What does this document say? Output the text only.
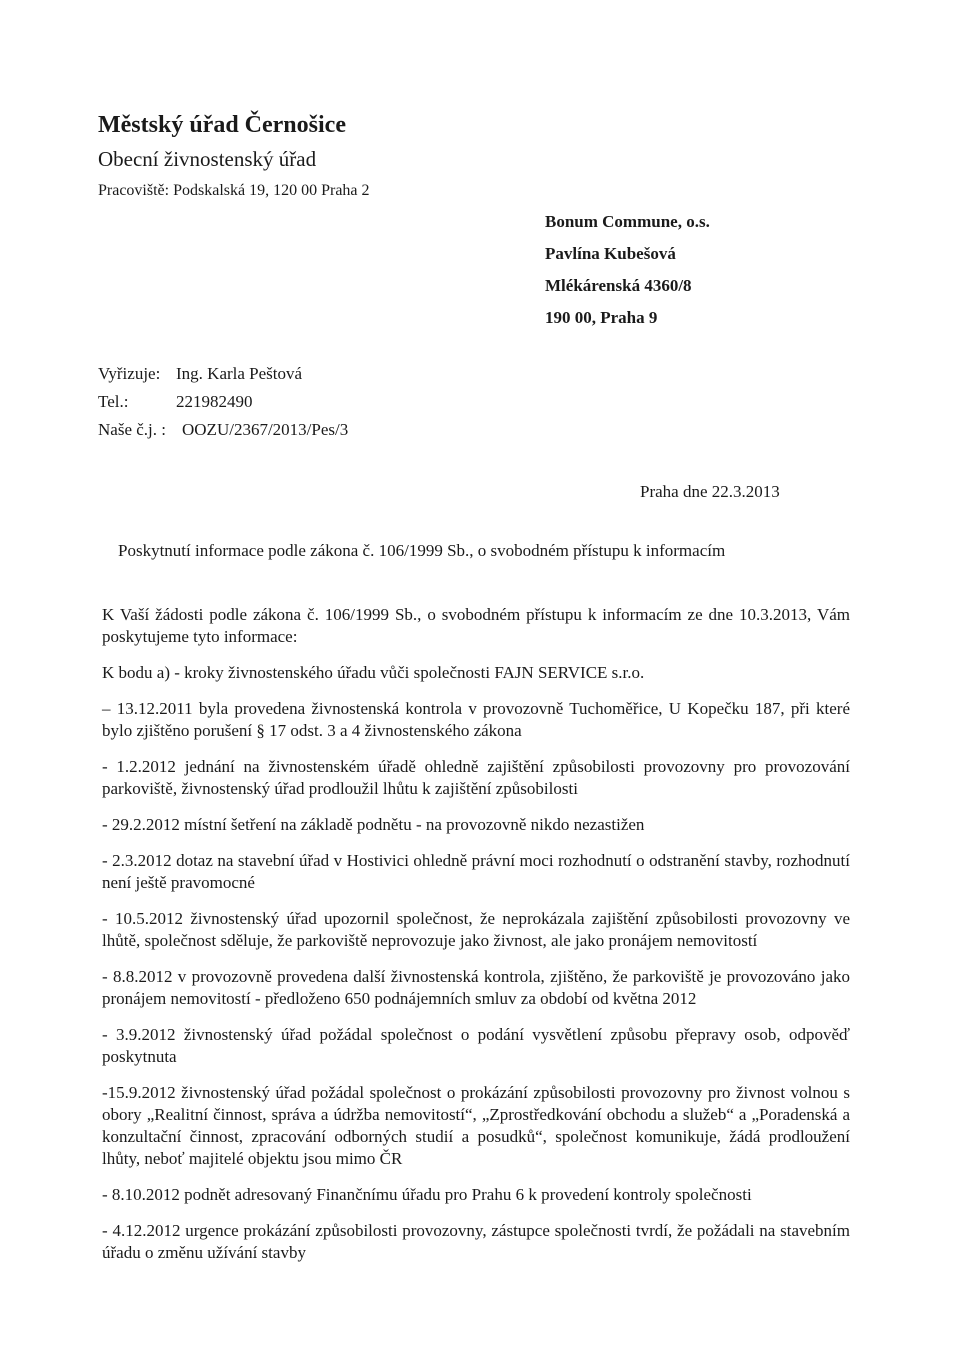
Městský úřad Černošice
Obecní živnostenský úřad
Pracoviště: Podskalská 19, 120 00 Praha 2
Bonum Commune, o.s.
Pavlína Kubešová
Mlékárenská 4360/8
190 00, Praha 9
Vyřizuje: Ing. Karla Peštová
Tel.:	221982490
Naše č.j. : OOZU/2367/2013/Pes/3
Praha dne 22.3.2013
Poskytnutí informace podle zákona č. 106/1999 Sb., o svobodném přístupu k informacím

K Vaší žádosti podle zákona č. 106/1999 Sb., o svobodném přístupu k informacím ze dne 10.3.2013, Vám poskytujeme tyto informace:

K bodu a) - kroky živnostenského úřadu vůči společnosti FAJN SERVICE s.r.o.

– 13.12.2011 byla provedena živnostenská kontrola v provozovně Tuchoměřice, U Kopečku 187, při které bylo zjištěno porušení § 17 odst. 3 a 4 živnostenského zákona

- 1.2.2012 jednání na živnostenském úřadě ohledně zajištění způsobilosti provozovny pro provozování parkoviště, živnostenský úřad prodloužil lhůtu k zajištění způsobilosti

- 29.2.2012 místní šetření na základě podnětu - na provozovně nikdo nezastižen

- 2.3.2012 dotaz na stavební úřad v Hostivici ohledně právní moci rozhodnutí o odstranění stavby, rozhodnutí není ještě pravomocné

- 10.5.2012 živnostenský úřad upozornil společnost, že neprokázala zajištění způsobilosti provozovny ve lhůtě, společnost sděluje, že parkoviště neprovozuje jako živnost, ale jako pronájem nemovitostí

- 8.8.2012 v provozovně provedena další živnostenská kontrola, zjištěno, že parkoviště je provozováno jako pronájem nemovitostí - předloženo 650 podnájemních smluv za období od května 2012

- 3.9.2012 živnostenský úřad požádal společnost o podání vysvětlení způsobu přepravy osob, odpověď poskytnuta

-15.9.2012 živnostenský úřad požádal společnost o prokázání způsobilosti provozovny pro živnost volnou s obory „Realitní činnost, správa a údržba nemovitostí“, „Zprostředkování obchodu a služeb“ a „Poradenská a konzultační činnost, zpracování odborných studií a posudků“, společnost komunikuje, žádá prodloužení lhůty, neboť majitelé objektu jsou mimo ČR

- 8.10.2012 podnět adresovaný Finančnímu úřadu pro Prahu 6 k provedení kontroly společnosti

- 4.12.2012 urgence prokázání způsobilosti provozovny, zástupce společnosti tvrdí, že požádali na stavebním úřadu o změnu užívání stavby
